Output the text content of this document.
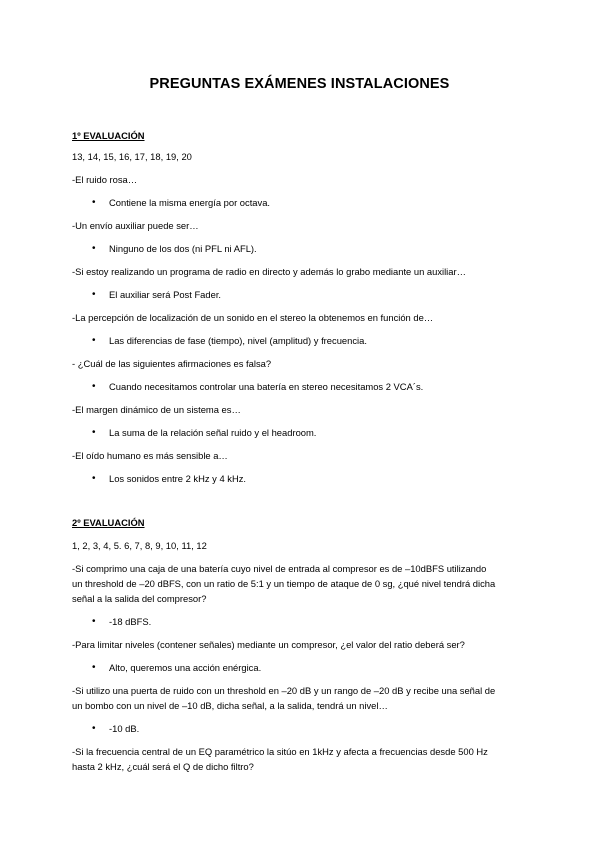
PREGUNTAS EXÁMENES INSTALACIONES
1º EVALUACIÓN
13, 14, 15, 16, 17, 18, 19, 20
-El ruido rosa…
• Contiene la misma energía por octava.
-Un envío auxiliar puede ser…
• Ninguno de los dos (ni PFL ni AFL).
-Si estoy realizando un programa de radio en directo y además lo grabo mediante un auxiliar…
• El auxiliar será Post Fader.
-La percepción de localización de un sonido en el stereo la obtenemos en función de…
• Las diferencias de fase (tiempo), nivel (amplitud) y frecuencia.
- ¿Cuál de las siguientes afirmaciones es falsa?
• Cuando necesitamos controlar una batería en stereo necesitamos 2 VCA´s.
-El margen dinámico de un sistema es…
• La suma de la relación señal ruido y el headroom.
-El oído humano es más sensible a…
• Los sonidos entre 2 kHz y 4 kHz.
2º EVALUACIÓN
1, 2, 3, 4, 5. 6, 7, 8, 9, 10, 11, 12
-Si comprimo una caja de una batería cuyo nivel de entrada al compresor es de –10dBFS utilizando
un threshold de –20 dBFS, con un ratio de 5:1 y un tiempo de ataque de 0 sg, ¿qué nivel tendrá dicha
señal a la salida del compresor?
• -18 dBFS.
-Para limitar niveles (contener señales) mediante un compresor, ¿el valor del ratio deberá ser?
• Alto, queremos una acción enérgica.
-Si utilizo una puerta de ruido con un threshold en –20 dB y un rango de –20 dB y recibe una señal de
un bombo con un nivel de –10 dB, dicha señal, a la salida, tendrá un nivel…
• -10 dB.
-Si la frecuencia central de un EQ paramétrico la sitúo en 1kHz y afecta a frecuencias desde 500 Hz
hasta 2 kHz, ¿cuál será el Q de dicho filtro?
